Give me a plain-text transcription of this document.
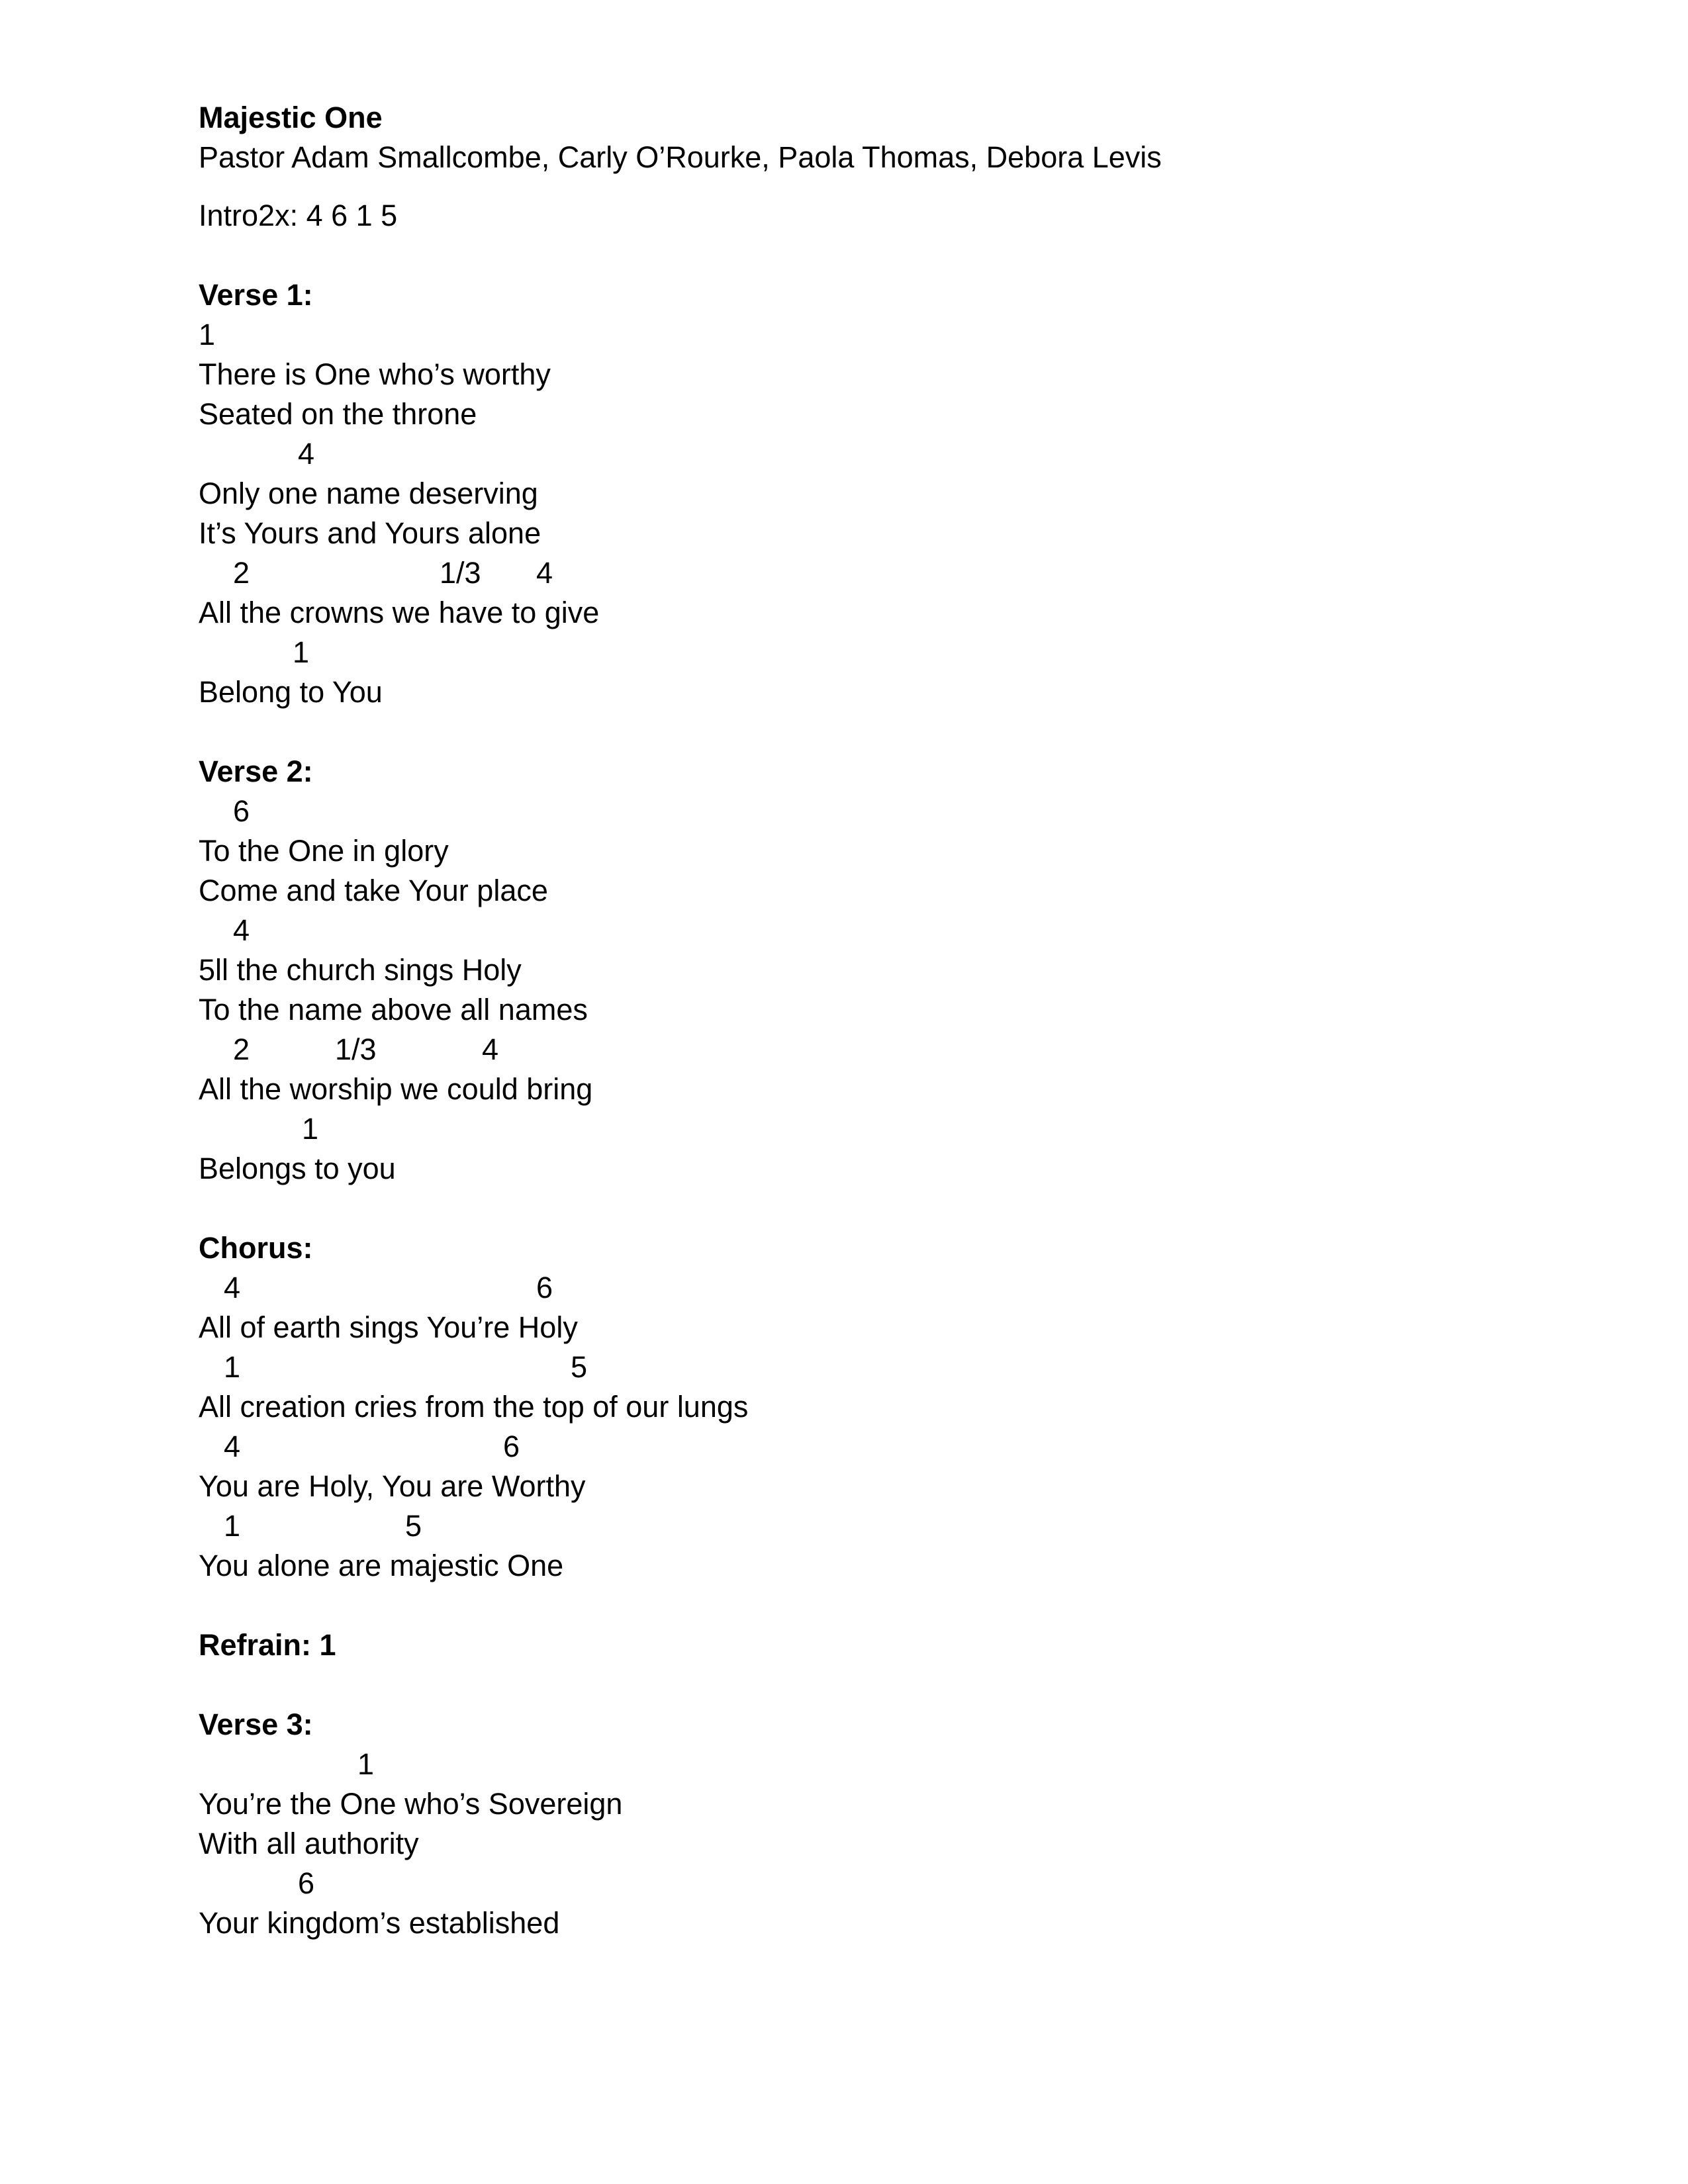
Majestic One
Pastor Adam Smallcombe, Carly O’Rourke, Paola Thomas, Debora Levis
Intro2x: 4 6 1 5
Verse 1:
1
There is One who’s worthy
Seated on the throne
4
Only one name deserving
It’s Yours and Yours alone
2	1/3 4
All the crowns we have to give
1
Belong to You
Verse 2:
6
To the One in glory
Come and take Your place
4
5ll the church sings Holy
To the name above all names
2	1/3	4
All the worship we could bring
1
Belongs to you
Chorus:
4	6
All of earth sings You’re Holy
1	5
All creation cries from the top of our lungs
4	6
You are Holy, You are Worthy
1	5
You alone are majestic One
Refrain: 1
Verse 3:
1
You’re the One who’s Sovereign
With all authority
6
Your kingdom’s established
